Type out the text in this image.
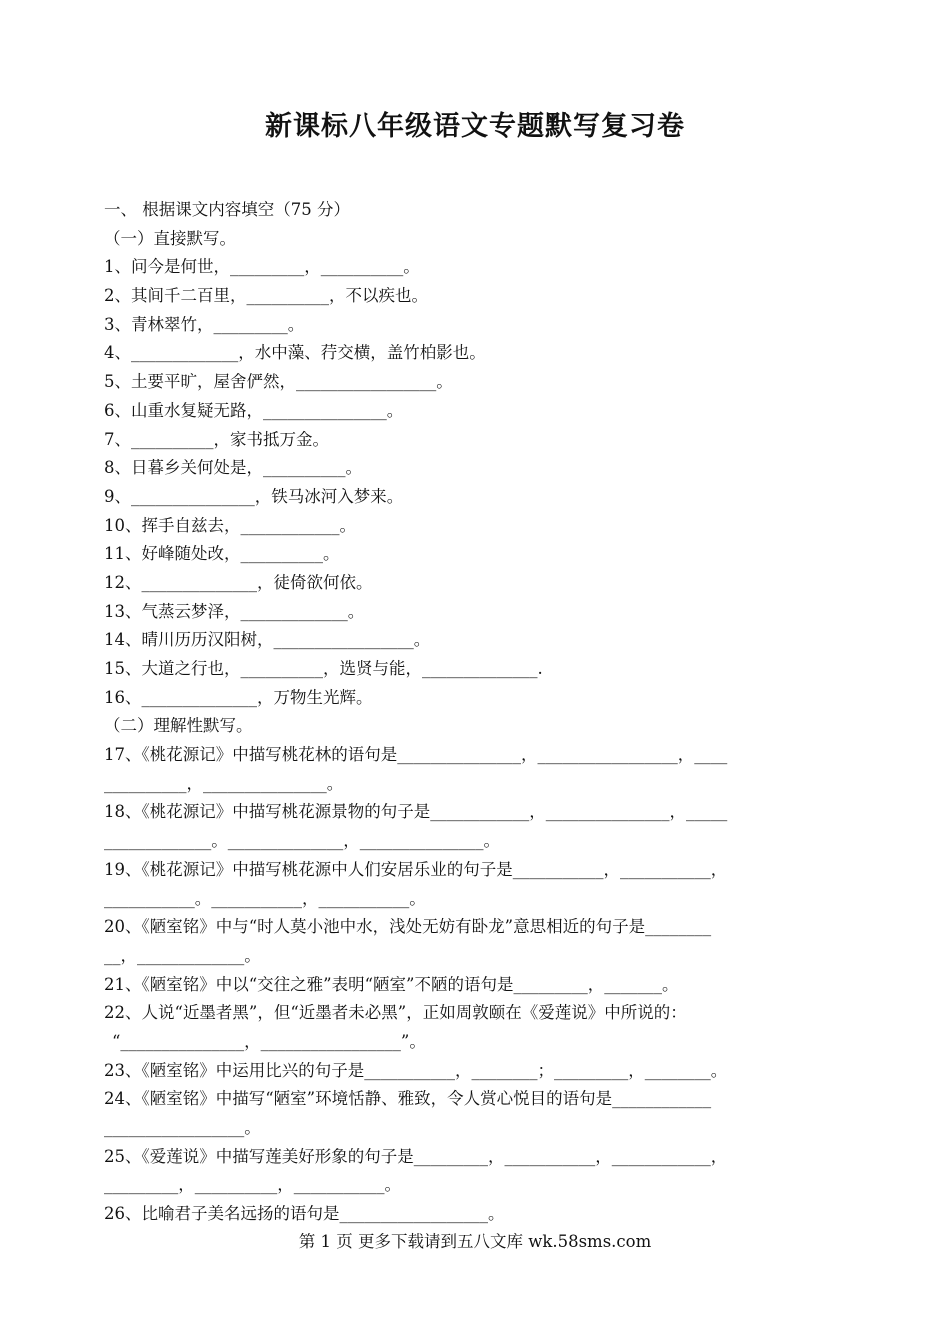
新课标八年级语文专题默写复习卷
一、 根据课文内容填空（75 分）
（一）直接默写。
1、问今是何世，_________，__________。
2、其间千二百里，__________，不以疾也。
3、青林翠竹，_________。
4、_____________，水中藻、荇交横，盖竹柏影也。
5、土要平旷，屋舍俨然，_________________。
6、山重水复疑无路，_______________。
7、__________，家书抵万金。
8、日暮乡关何处是，__________。
9、_______________，铁马冰河入梦来。
10、挥手自兹去，____________。
11、好峰随处改，__________。
12、______________，徒倚欲何依。
13、气蒸云梦泽，_____________。
14、晴川历历汉阳树，_________________。
15、大道之行也，__________，选贤与能，______________.
16、______________，万物生光辉。
（二）理解性默写。
17、《桃花源记》中描写桃花林的语句是_______________，_________________，____
__________，_______________。
18、《桃花源记》中描写桃花源景物的句子是____________，_______________，_____
_____________。______________，_______________。
19、《桃花源记》中描写桃花源中人们安居乐业的句子是___________，___________，
___________。___________，___________。
20、《陋室铭》中与“时人莫小池中水，浅处无妨有卧龙”意思相近的句子是________
__，_____________。
21、《陋室铭》中以“交往之雅”表明“陋室”不陋的语句是_________，_______。
22、人说“近墨者黑”，但“近墨者未必黑”，正如周敦颐在《爱莲说》中所说的：
“_______________，_________________”。
23、《陋室铭》中运用比兴的句子是___________，________；_________，________。
24、《陋室铭》中描写“陋室”环境恬静、雅致，令人赏心悦目的语句是____________
_________________。
25、《爱莲说》中描写莲美好形象的句子是_________，___________，____________，
_________，__________，___________。
26、比喻君子美名远扬的语句是__________________。
第 1 页 更多下载请到五八文库 wk.58sms.com
